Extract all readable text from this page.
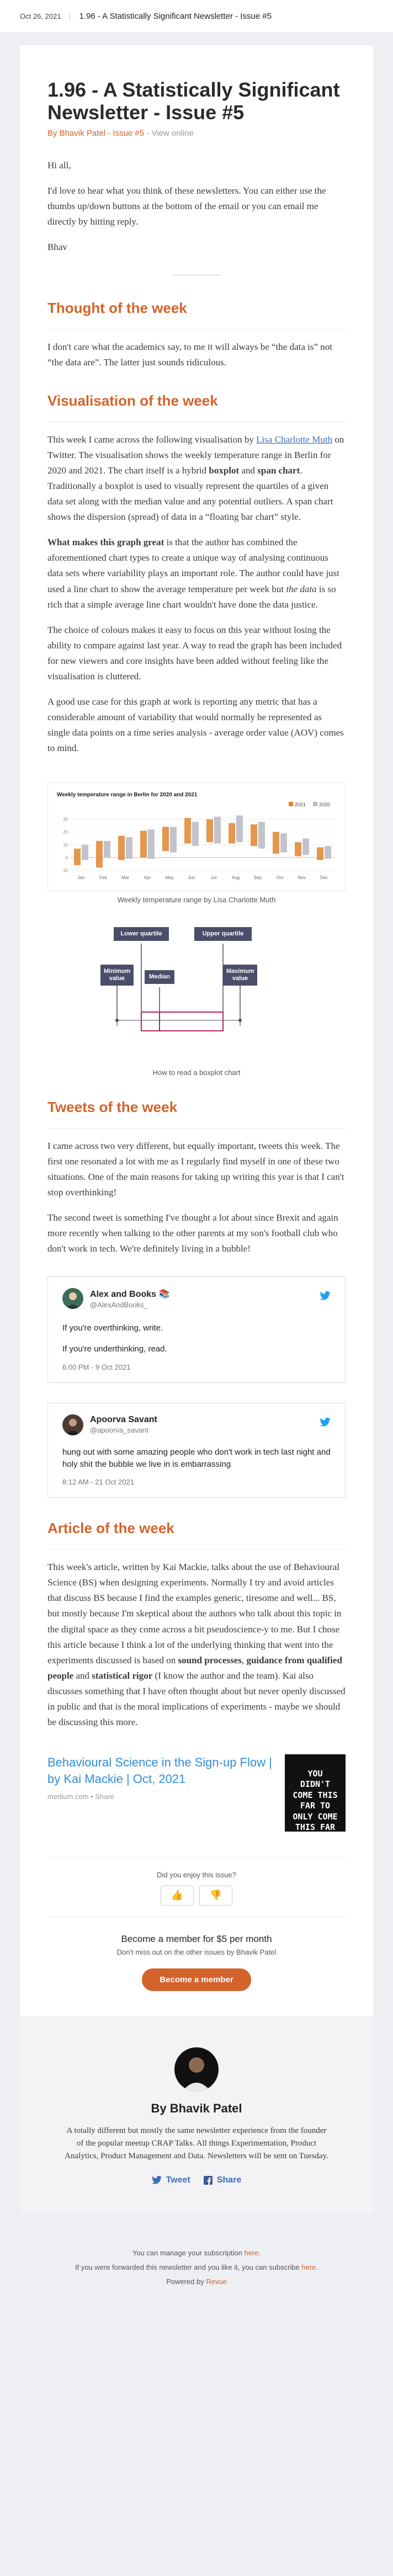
Oct 26, 2021	1.96 - A Statistically Significant Newsletter - Issue #5
1.96 - A Statistically Significant Newsletter - Issue #5
By Bhavik Patel - Issue #5 - View online

Hi all,

I'd love to hear what you think of these newsletters. You can either use the thumbs up/down buttons at the bottom of the email or you can email me directly by hitting reply.

Bhav

Thought of the week

I don't care what the academics say, to me it will always be “the data is” not “the data are”. The latter just sounds ridiculous.

Visualisation of the week

This week I came across the following visualisation by Lisa Charlotte Muth on Twitter. The visualisation shows the weekly temperature range in Berlin for 2020 and 2021. The chart itself is a hybrid boxplot and span chart. Traditionally a boxplot is used to visually represent the quartiles of a given data set along with the median value and any potential outliers. A span chart shows the dispersion (spread) of data in a “floating bar chart” style.

What makes this graph great is that the author has combined the aforementioned chart types to create a unique way of analysing continuous data sets where variability plays an important role. The author could have just used a line chart to show the average temperature per week but the data is so rich that a simple average line chart wouldn't have done the data justice.

The choice of colours makes it easy to focus on this year without losing the ability to compare against last year. A way to read the graph has been included for new viewers and core insights have been added without feeling like the visualisation is cluttered.

A good use case for this graph at work is reporting any metric that has a considerable amount of variability that would normally be represented as single data points on a time series analysis - average order value (AOV) comes to mind.

Weekly temperature range in Berlin for 2020 and 2021
-10
0
10
20
30
Jan	Feb	Mar	Apr	May	Jun	Jul	Aug	Sep	Oct	Nov	Dec
2021	2020
Weekly temperature range by Lisa Charlotte Muth
Lower quartile	Upper quartile
Minimum value	Median
Maximum value
How to read a boxplot chart
Tweets of the week

I came across two very different, but equally important, tweets this week. The first one resonated a lot with me as I regularly find myself in one of these two situations. One of the main reasons for taking up writing this year is that I can't stop overthinking!

The second tweet is something I've thought a lot about since Brexit and again more recently when talking to the other parents at my son's football club who don't work in tech. We're definitely living in a bubble!

Alex and Books 📚
@AlexAndBooks_

If you're overthinking, write.

If you're underthinking, read.

6:00 PM - 9 Oct 2021
Apoorva Savant
@apoorva_savant
hung out with some amazing people who don't work in tech last night and holy shit the bubble we live in is embarrassing
8:12 AM - 21 Oct 2021
Article of the week

This week's article, written by Kai Mackie, talks about the use of Behavioural Science (BS) when designing experiments. Normally I try and avoid articles that discuss BS because I find the examples generic, tiresome and well... BS, but mostly because I'm skeptical about the authors who talk about this topic in the digital space as they come across a bit pseudoscience-y to me. But I chose this article because I think a lot of the underlying thinking that went into the experiments discussed is based on sound processes, guidance from qualified people and statistical rigor (I know the author and the team). Kai also discusses something that I have often thought about but never openly discussed in public and that is the moral implications of experiments - maybe we should be discussing this more.

Behavioural Science in the Sign-up Flow | by Kai Mackie | Oct, 2021
medium.com • Share
YOU DIDN'T COME THIS FAR TO ONLY COME THIS FAR
Did you enjoy this issue?
👍	👎
Become a member for $5 per month
Don't miss out on the other issues by Bhavik Patel
Become a member
By Bhavik Patel
A totally different but mostly the same newsletter experience from the founder of the popular meetup CRAP Talks. All things Experimentation, Product Analytics, Product Management and Data. Newsletters will be sent on Tuesday.
Tweet	Share
You can manage your subscription here.
If you were forwarded this newsletter and you like it, you can subscribe here.
Powered by Revue
